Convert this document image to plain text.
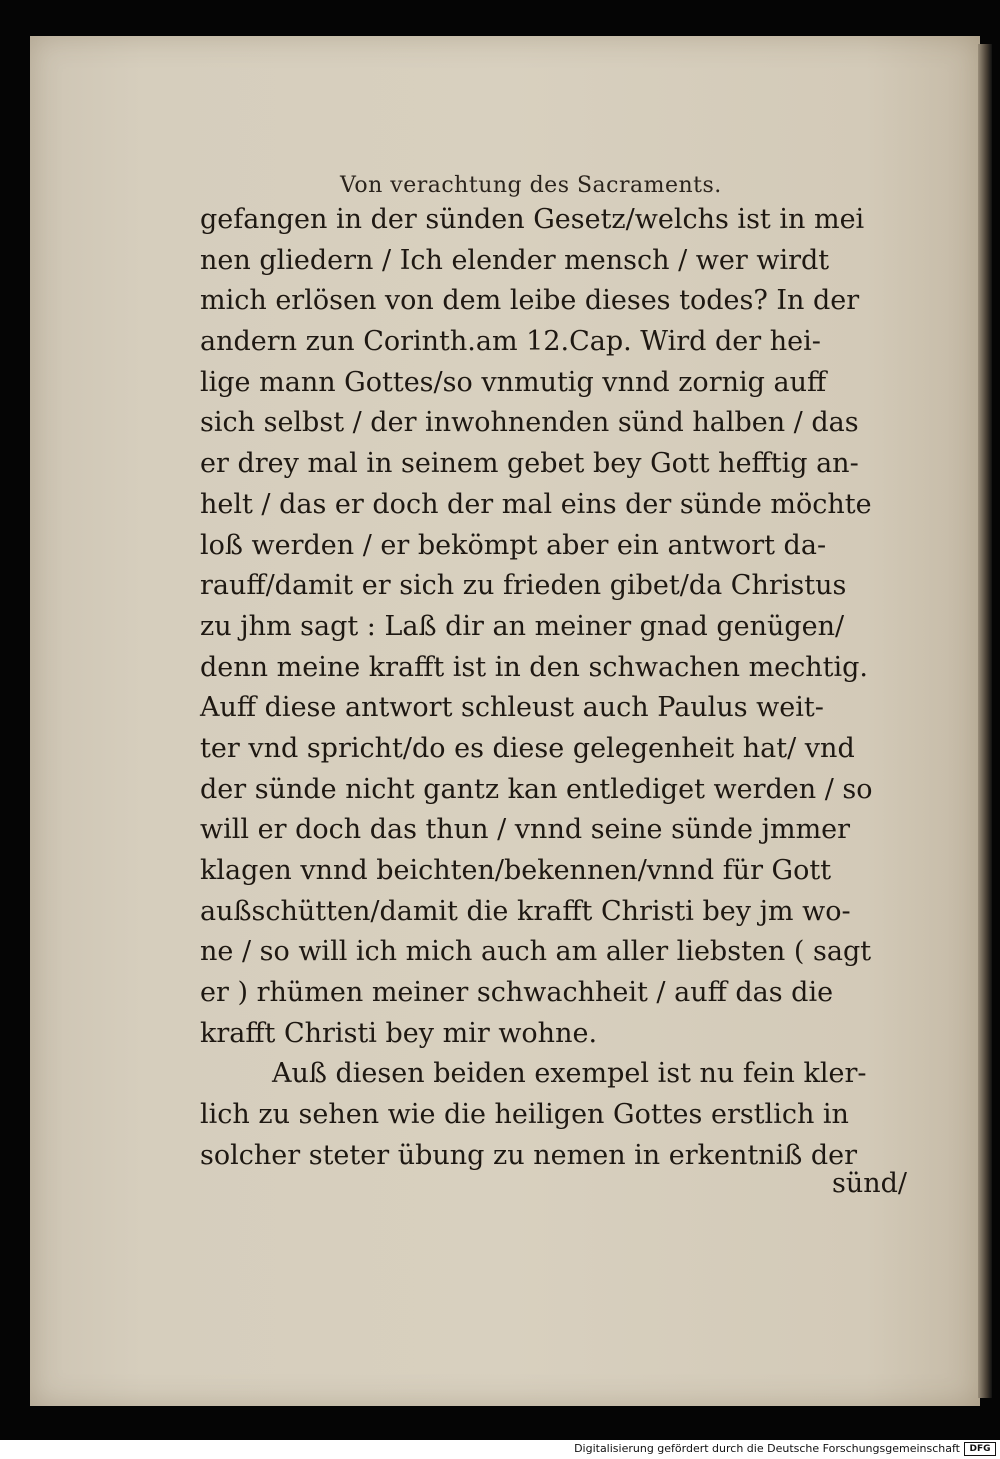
Von verachtung des Sacraments.
gefangen in der sünden Gesetz/welchs ist in mei
nen gliedern / Ich elender mensch / wer wirdt
mich erlösen von dem leibe dieses todes? In der
andern zun Corinth.am 12.Cap. Wird der hei-
lige mann Gottes/so vnmutig vnnd zornig auff
sich selbst / der inwohnenden sünd halben / das
er drey mal in seinem gebet bey Gott hefftig an-
helt / das er doch der mal eins der sünde möchte
loß werden / er bekömpt aber ein antwort da-
rauff/damit er sich zu frieden gibet/da Christus
zu jhm sagt : Laß dir an meiner gnad genügen/
denn meine krafft ist in den schwachen mechtig.
Auff diese antwort schleust auch Paulus weit-
ter vnd spricht/do es diese gelegenheit hat/ vnd
der sünde nicht gantz kan entlediget werden / so
will er doch das thun / vnnd seine sünde jmmer
klagen vnnd beichten/bekennen/vnnd für Gott
außschütten/damit die krafft Christi bey jm wo-
ne / so will ich mich auch am aller liebsten ( sagt
er ) rhümen meiner schwachheit / auff das die
krafft Christi bey mir wohne.
Auß diesen beiden exempel ist nu fein kler-
lich zu sehen wie die heiligen Gottes erstlich in
solcher steter übung zu nemen in erkentniß der
sünd/
Digitalisierung gefördert durch die Deutsche Forschungsgemeinschaft	DFG
